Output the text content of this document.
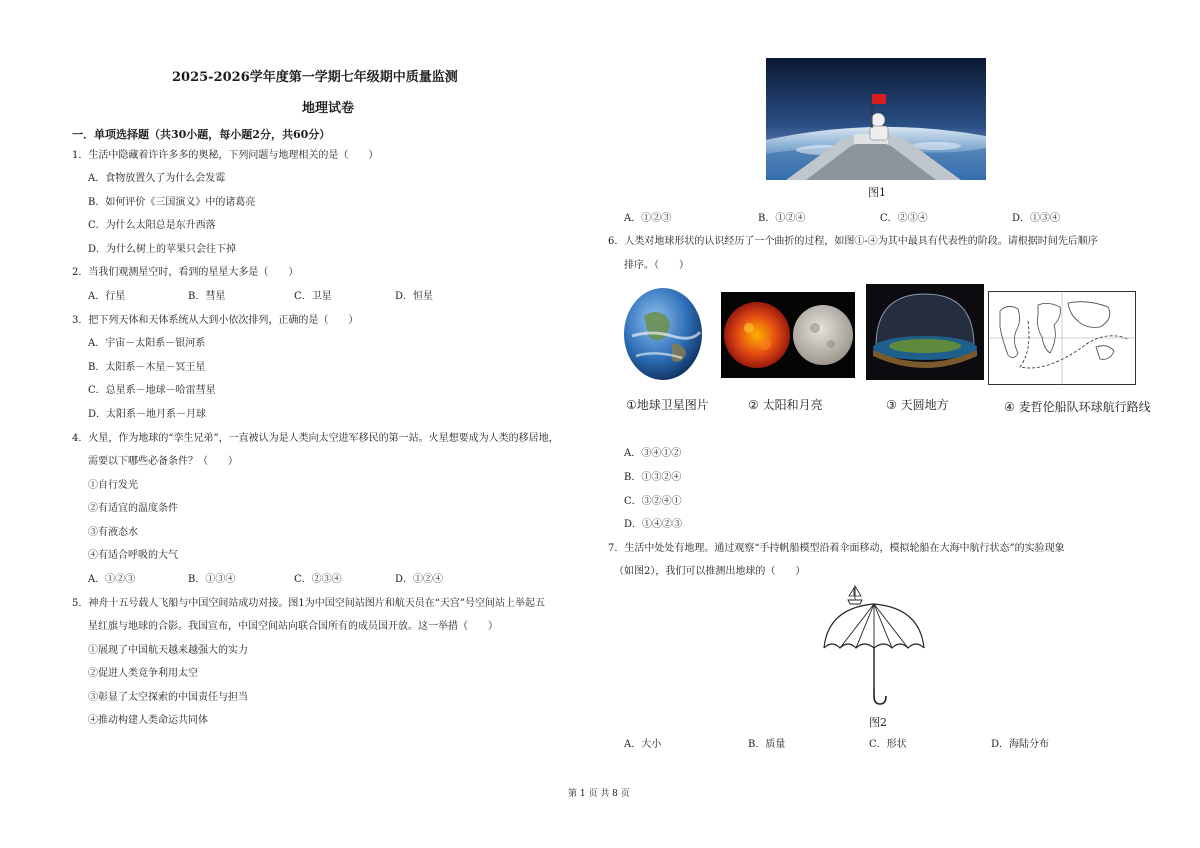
2025-2026学年度第一学期七年级期中质量监测
地理试卷
一．单项选择题（共30小题，每小题2分，共60分）
1．生活中隐藏着许许多多的奥秘，下列问题与地理相关的是（　　）
A．食物放置久了为什么会发霉
B．如何评价《三国演义》中的诸葛亮
C．为什么太阳总是东升西落
D．为什么树上的苹果只会往下掉
2．当我们观测星空时，看到的星星大多是（　　）
A．行星	B．彗星	C．卫星	D．恒星
3．把下列天体和天体系统从大到小依次排列，正确的是（　　）
A．宇宙－太阳系－银河系
B．太阳系－木星－冥王星
C．总星系－地球－哈雷彗星
D．太阳系－地月系－月球
4．火星，作为地球的“孪生兄弟”，一直被认为是人类向太空进军移民的第一站。火星想要成为人类的移居地，
需要以下哪些必备条件？（　　）
①自行发光
②有适宜的温度条件
③有液态水
④有适合呼吸的大气
A．①②③	B．①③④	C．②③④	D．①②④
5．神舟十五号载人飞船与中国空间站成功对接。图1为中国空间站图片和航天员在“天宫”号空间站上举起五
星红旗与地球的合影。我国宣布，中国空间站向联合国所有的成员国开放。这一举措（　　）
①展现了中国航天越来越强大的实力
②促进人类竞争利用太空
③彰显了太空探索的中国责任与担当
④推动构建人类命运共同体
图1
A．①②③	B．①②④	C．②③④	D．①③④
6．人类对地球形状的认识经历了一个曲折的过程，如图①-④为其中最具有代表性的阶段。请根据时间先后顺序
排序。（　　）
①地球卫星图片	② 太阳和月亮	③ 天圆地方	④ 麦哲伦船队环球航行路线
A．③④①②
B．①③②④
C．③②④①
D．①④②③
7．生活中处处有地理。通过观察“手持帆船模型沿着伞面移动，模拟轮船在大海中航行状态”的实验现象
（如图2），我们可以推测出地球的（　　）
图2
A．大小	B．质量	C．形状	D．海陆分布
第 1 页 共 8 页
